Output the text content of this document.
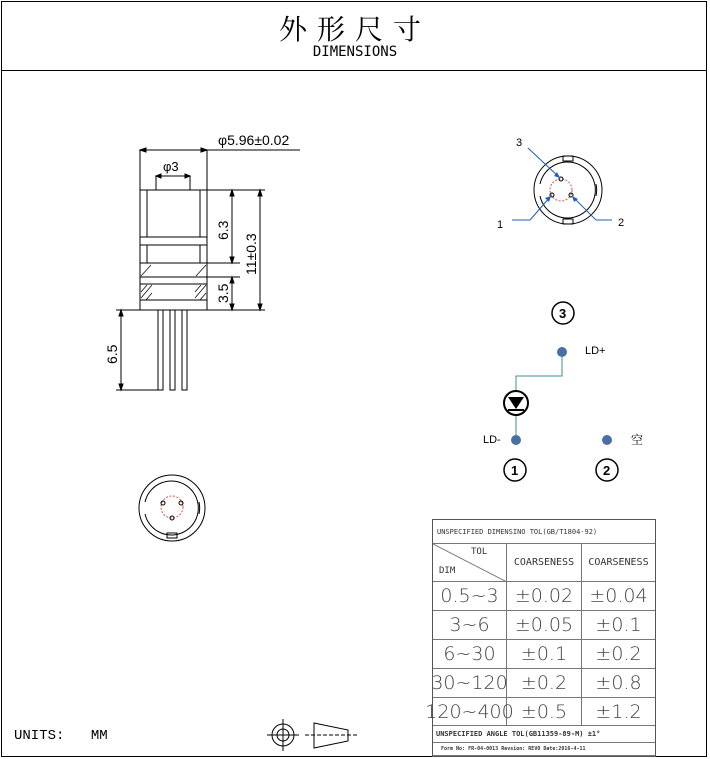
外形尺寸
DIMENSIONS
φ5.96±0.02
φ3
6.3
11±0.3
3.5
6.5
3
1	2
3
1	2
LD+
LD-	空
UNITS: MM
UNSPECIFIED DIMENSINO TOL(GB/T1804-92)
TOL
DIM
COARSENESS	COARSENESS
0.5~3 ±0.02 ±0.04
3~6	±0.05	±0.1
6~30	±0.1	±0.2
30~120 ±0.2	±0.8
120~400 ±0.5	±1.2
UNSPECIFIED ANGLE TOL(GB11359-89-M) ±1°
Form No: FR-04-0013 Revsion: REVO Date:2016-4-11
